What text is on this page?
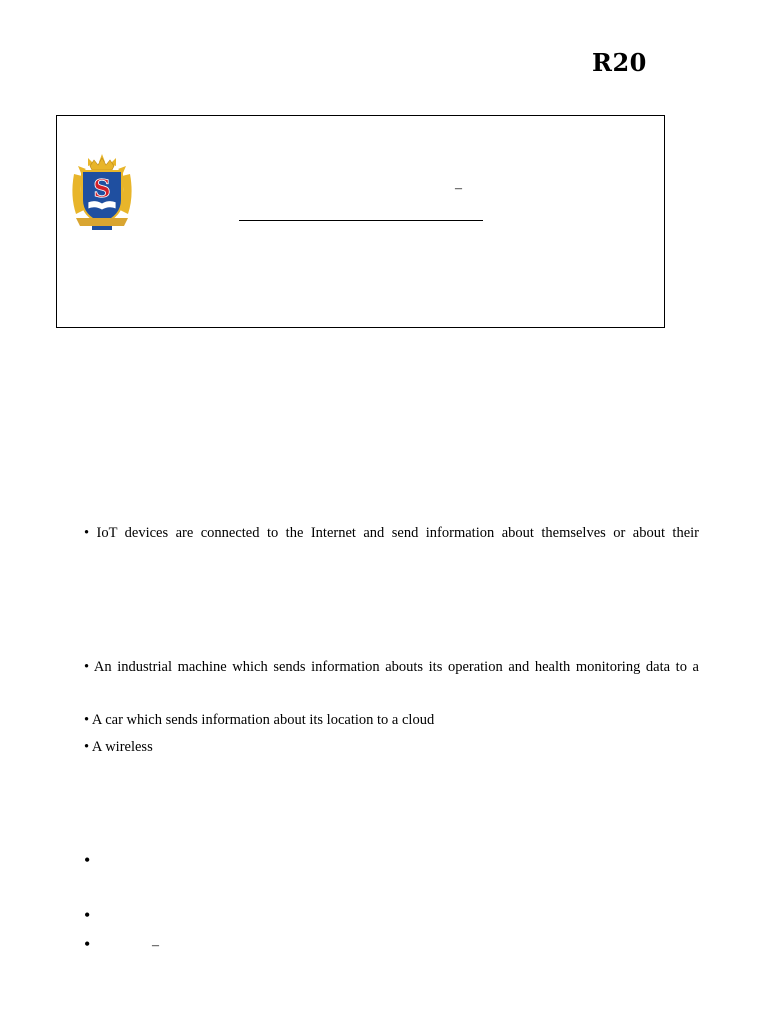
R20
S	–
• IoT devices are connected to the Internet and send information about themselves or about their
• An industrial machine which sends information abouts its operation and health monitoring data to a
• A car which sends information about its location to a cloud
• A wireless
•
•
•	–
